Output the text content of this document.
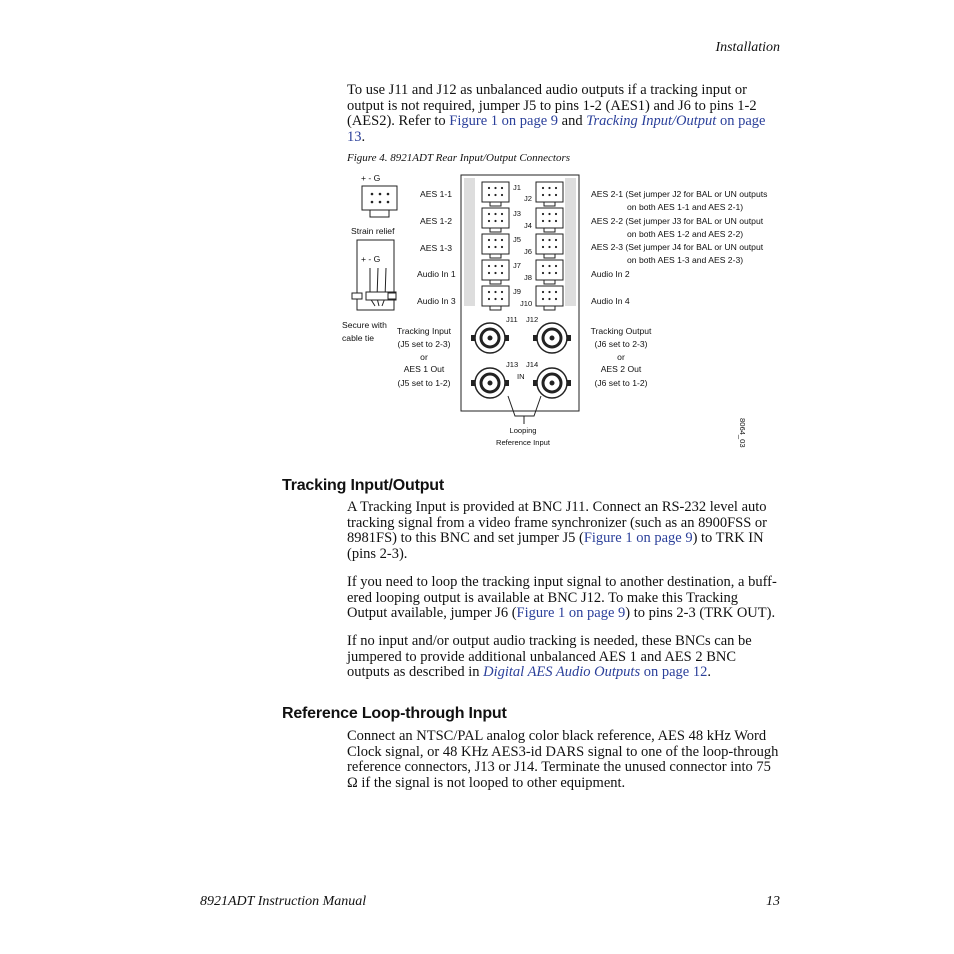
Installation

To use J11 and J12 as unbalanced audio outputs if a tracking input or output is not required, jumper J5 to pins 1-2 (AES1) and J6 to pins 1-2 (AES2). Refer to Figure 1 on page 9 and Tracking Input/Output on page 13.

Figure 4. 8921ADT Rear Input/Output Connectors
+ - G
Strain relief
+ - G
Secure with
cable tie
AES 1-1
AES 1-2
AES 1-3
Audio In 1
Audio In 3
J1
J2
J3
J4
J5
J6
J7
J8
J9
J10
AES 2-1 (Set jumper J2 for BAL or UN outputs
on both AES 1-1 and AES 2-1)
AES 2-2 (Set jumper J3 for BAL or UN output
on both AES 1-2 and AES 2-2)
AES 2-3 (Set jumper J4 for BAL or UN output
on both AES 1-3 and AES 2-3)
Audio In 2
Audio In 4
J11 J12
J13 J14
IN
Tracking Input
(J5 set to 2-3)
or
AES 1 Out
(J5 set to 1-2)
Tracking Output
(J6 set to 2-3)
or
AES 2 Out
(J6 set to 1-2)
Looping
Reference Input	8064_03
Tracking Input/Output

A Tracking Input is provided at BNC J11. Connect an RS-232 level auto tracking signal from a video frame synchronizer (such as an 8900FSS or 8981FS) to this BNC and set jumper J5 (Figure 1 on page 9) to TRK IN (pins 2-3).

If you need to loop the tracking input signal to another destination, a buff-ered looping output is available at BNC J12. To make this Tracking Output available, jumper J6 (Figure 1 on page 9) to pins 2-3 (TRK OUT).

If no input and/or output audio tracking is needed, these BNCs can be jumpered to provide additional unbalanced AES 1 and AES 2 BNC outputs as described in Digital AES Audio Outputs on page 12.

Reference Loop-through Input

Connect an NTSC/PAL analog color black reference, AES 48 kHz Word Clock signal, or 48 KHz AES3-id DARS signal to one of the loop-through reference connectors, J13 or J14. Terminate the unused connector into 75 Ω if the signal is not looped to other equipment.

8921ADT Instruction Manual	13
